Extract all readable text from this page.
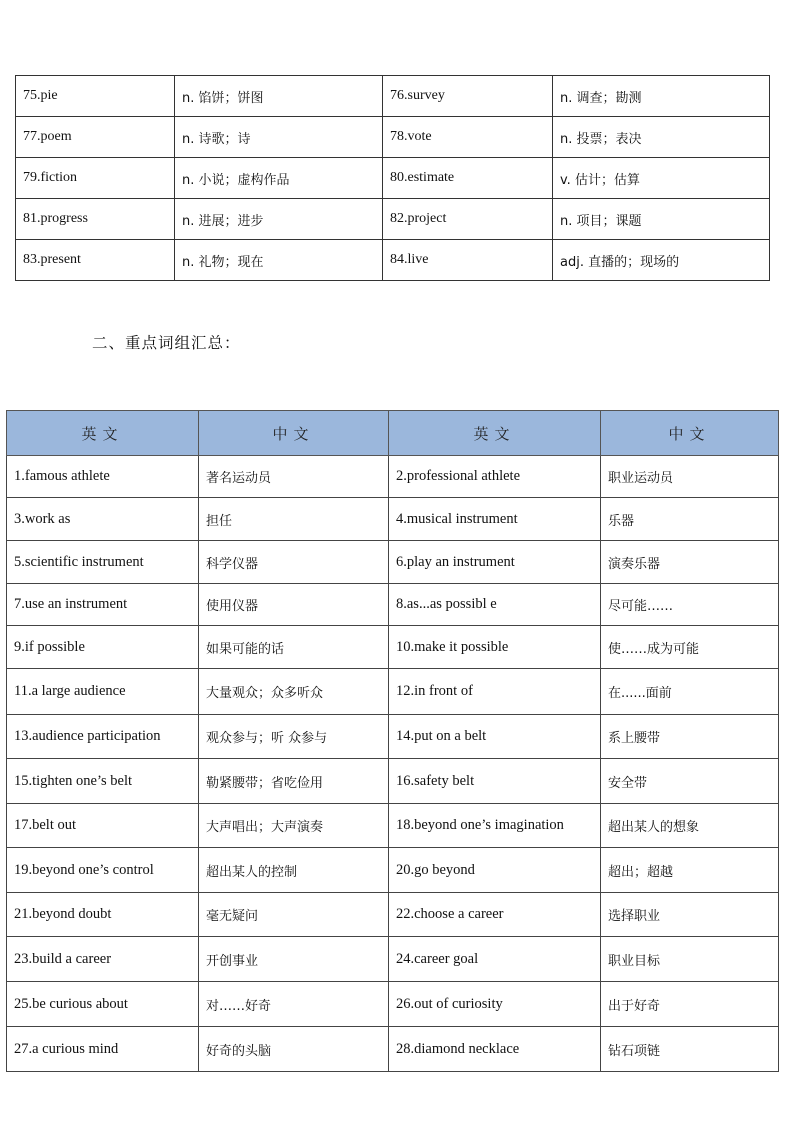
75.pie	n. 馅饼；饼图	76.survey	n. 调查；勘测
77.poem	n. 诗歌；诗	78.vote	n. 投票；表决
79.fiction	n. 小说；虚构作品	80.estimate	v. 估计；估算
81.progress	n. 进展；进步	82.project	n. 项目；课题
83.present	n. 礼物；现在	84.live	adj. 直播的；现场的
二、重点词组汇总：
英文	中文	英文	中文
1.famous athlete	著名运动员	2.professional athlete	职业运动员
3.work as	担任	4.musical instrument	乐器
5.scientific instrument	科学仪器	6.play an instrument	演奏乐器
7.use an instrument	使用仪器	8.as...as possibl e	尽可能……
9.if possible	如果可能的话	10.make it possible	使……成为可能
11.a large audience	大量观众；众多听众	12.in front of	在......面前
13.audience participation	观众参与；听 众参与	14.put on a belt	系上腰带
15.tighten one’s belt	勒紧腰带；省吃俭用	16.safety belt	安全带
17.belt out	大声唱出；大声演奏	18.beyond one’s imagination	超出某人的想象
19.beyond one’s control	超出某人的控制	20.go beyond	超出；超越
21.beyond doubt	毫无疑问	22.choose a career	选择职业
23.build a career	开创事业	24.career goal	职业目标
25.be curious about	对……好奇	26.out of curiosity	出于好奇
27.a curious mind	好奇的头脑	28.diamond necklace	钻石项链
